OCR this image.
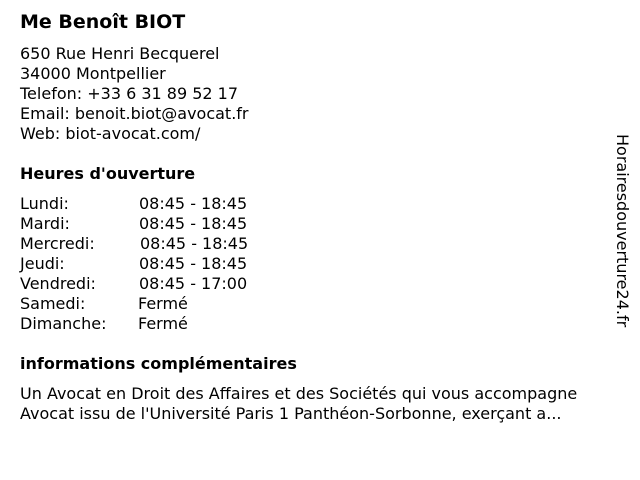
Me Benoît BIOT
650 Rue Henri Becquerel
34000 Montpellier
Telefon: +33 6 31 89 52 17
Email: benoit.biot@avocat.fr
Web: biot-avocat.com/
Heures d'ouverture
Lundi:	08:45 - 18:45
Mardi:	08:45 - 18:45
Mercredi:	08:45 - 18:45
Jeudi:	08:45 - 18:45
Vendredi:	08:45 - 17:00
Samedi:	Fermé
Dimanche: Fermé
informations complémentaires
Un Avocat en Droit des Affaires et des Sociétés qui vous accompagne
Avocat issu de l'Université Paris 1 Panthéon-Sorbonne, exerçant a...
Horairesdouverture24.fr
